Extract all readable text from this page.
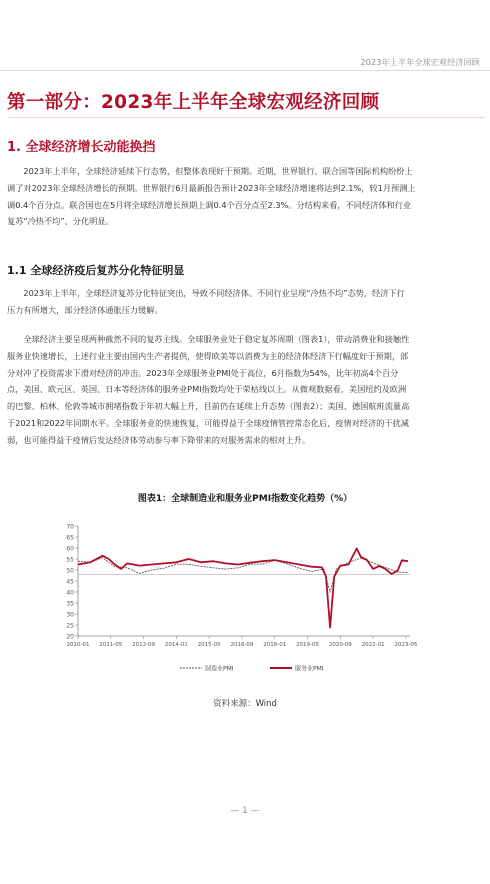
2023年上半年全球宏观经济回顾
第一部分：2023年上半年全球宏观经济回顾
1. 全球经济增长动能换挡

　　2023年上半年，全球经济延续下行态势，但整体表现好于预期。近期，世界银行、联合国等国际机构纷纷上
调了对2023年全球经济增长的预期。世界银行6月最新报告预计2023年全球经济增速将达到2.1%，较1月预测上
调0.4个百分点。联合国也在5月将全球经济增长预期上调0.4个百分点至2.3%。分结构来看，不同经济体和行业
复苏“冷热不均”、分化明显。

1.1 全球经济疫后复苏分化特征明显

　　2023年上半年，全球经济复苏分化特征突出，导致不同经济体、不同行业呈现“冷热不均”态势，经济下行
压力有所增大，部分经济体通胀压力缓解。

　　全球经济主要呈现两种截然不同的复苏主线。全球服务业处于稳定复苏周期（图表1），带动消费业和接触性
服务业快速增长，上述行业主要由国内生产者提供，使得欧美等以消费为主的经济体经济下行幅度好于预期，部
分对冲了投资需求下滑对经济的冲击。2023年全球服务业PMI处于高位，6月指数为54%，比年初高4个百分
点，美国、欧元区、英国、日本等经济体的服务业PMI指数均处于荣枯线以上。从微观数据看，美国纽约及欧洲
的巴黎、柏林、伦敦等城市拥堵指数于年初大幅上升，目前仍在延续上升态势（图表2）；美国、德国航班流量高
于2021和2022年同期水平。全球服务业的快速恢复，可能得益于全球疫情管控常态化后，疫情对经济的干扰减
弱，也可能得益于疫情后发达经济体劳动参与率下降带来的对服务需求的相对上升。

图表1：全球制造业和服务业PMI指数变化趋势（%）
20
25
30
35
40
45
50
55
60
65
70
2010-01 2011-05 2012-09 2014-01 2015-05 2016-09 2018-01 2019-05 2020-09 2022-01 2023-05
制造业PMI	服务业PMI
资料来源：Wind
— 1 —
